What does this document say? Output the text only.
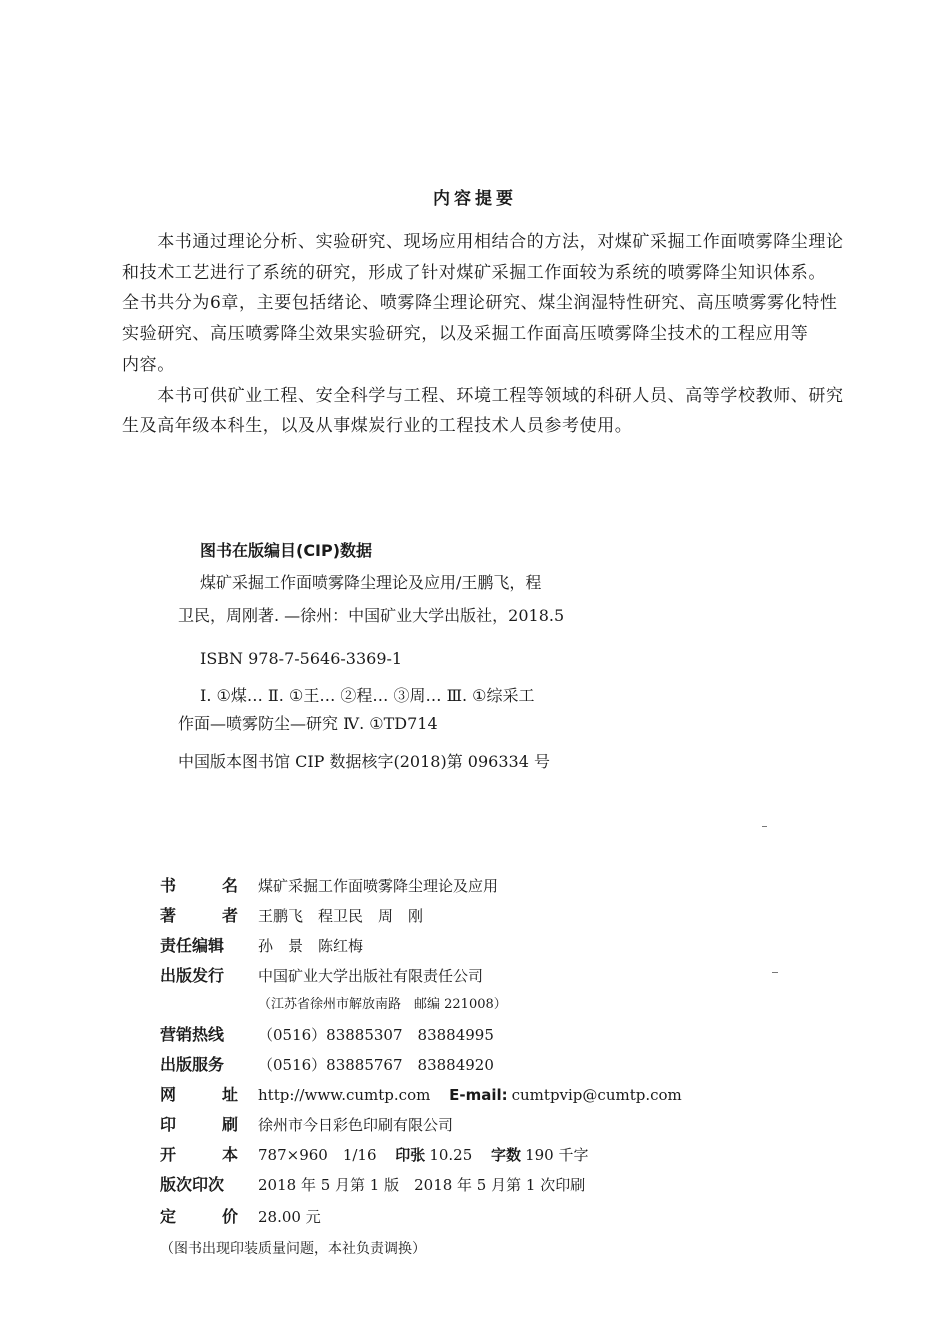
内容提要
　　本书通过理论分析、实验研究、现场应用相结合的方法，对煤矿采掘工作面喷雾降尘理论
和技术工艺进行了系统的研究，形成了针对煤矿采掘工作面较为系统的喷雾降尘知识体系。
全书共分为6章，主要包括绪论、喷雾降尘理论研究、煤尘润湿特性研究、高压喷雾雾化特性
实验研究、高压喷雾降尘效果实验研究，以及采掘工作面高压喷雾降尘技术的工程应用等
内容。
　　本书可供矿业工程、安全科学与工程、环境工程等领域的科研人员、高等学校教师、研究
生及高年级本科生，以及从事煤炭行业的工程技术人员参考使用。
图书在版编目(CIP)数据
煤矿采掘工作面喷雾降尘理论及应用/王鹏飞，程
卫民，周刚著. —徐州：中国矿业大学出版社，2018.5
ISBN 978-7-5646-3369-1
Ⅰ. ①煤… Ⅱ. ①王… ②程… ③周… Ⅲ. ①综采工
作面—喷雾防尘—研究 Ⅳ. ①TD714
中国版本图书馆 CIP 数据核字(2018)第 096334 号
书	名 煤矿采掘工作面喷雾降尘理论及应用
著	者 王鹏飞　程卫民　周　刚
责任编辑 孙　景　陈红梅
出版发行 中国矿业大学出版社有限责任公司
（江苏省徐州市解放南路　邮编 221008）
营销热线 （0516）83885307　83884995
出版服务 （0516）83885767　83884920
网	址 http://www.cumtp.com E-mail: cumtpvip@cumtp.com
印	刷 徐州市今日彩色印刷有限公司
开	本 787×960　1/16 印张 10.25 字数 190 千字
版次印次 2018 年 5 月第 1 版　2018 年 5 月第 1 次印刷
定	价 28.00 元
（图书出现印装质量问题，本社负责调换）
